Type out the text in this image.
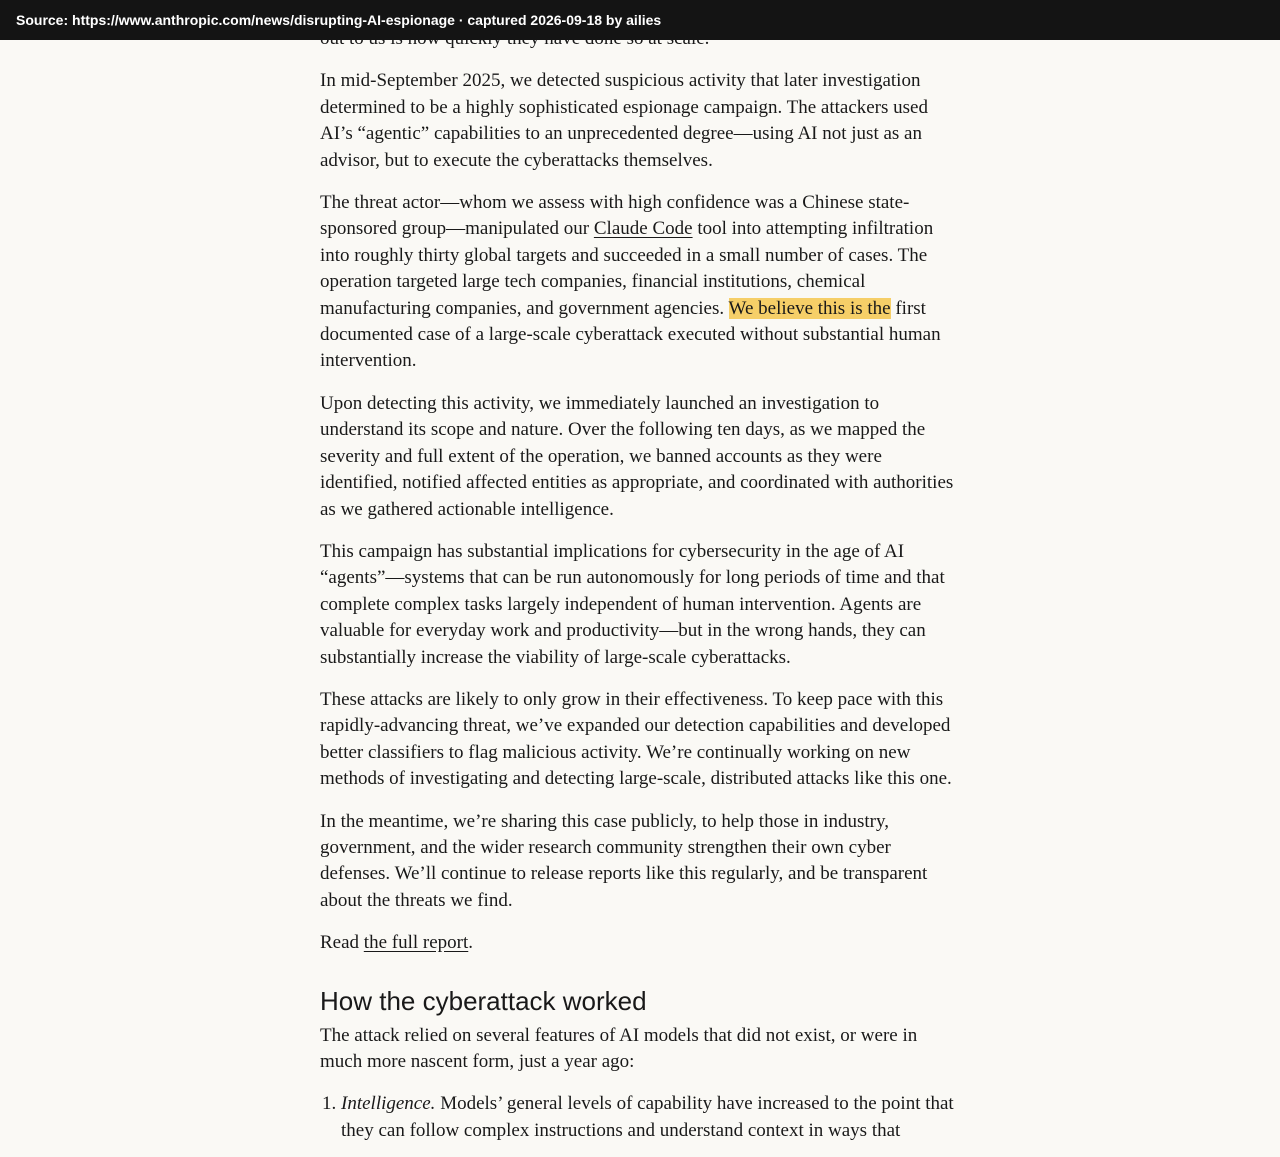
Source: https://www.anthropic.com/news/disrupting-AI-espionage · captured 2026-09-18 by ailies

In mid-September 2025, we detected suspicious activity that later investigation determined to be a highly sophisticated espionage campaign. The attackers used AI’s “agentic” capabilities to an unprecedented degree—using AI not just as an advisor, but to execute the cyberattacks themselves.

The threat actor—whom we assess with high confidence was a Chinese state-sponsored group—manipulated our Claude Code tool into attempting infiltration into roughly thirty global targets and succeeded in a small number of cases. The operation targeted large tech companies, financial institutions, chemical manufacturing companies, and government agencies. We believe this is the first documented case of a large-scale cyberattack executed without substantial human intervention.

Upon detecting this activity, we immediately launched an investigation to understand its scope and nature. Over the following ten days, as we mapped the severity and full extent of the operation, we banned accounts as they were identified, notified affected entities as appropriate, and coordinated with authorities as we gathered actionable intelligence.

This campaign has substantial implications for cybersecurity in the age of AI “agents”—systems that can be run autonomously for long periods of time and that complete complex tasks largely independent of human intervention. Agents are valuable for everyday work and productivity—but in the wrong hands, they can substantially increase the viability of large-scale cyberattacks.

These attacks are likely to only grow in their effectiveness. To keep pace with this rapidly-advancing threat, we’ve expanded our detection capabilities and developed better classifiers to flag malicious activity. We’re continually working on new methods of investigating and detecting large-scale, distributed attacks like this one.

In the meantime, we’re sharing this case publicly, to help those in industry, government, and the wider research community strengthen their own cyber defenses. We’ll continue to release reports like this regularly, and be transparent about the threats we find.

Read the full report.

How the cyberattack worked

The attack relied on several features of AI models that did not exist, or were in much more nascent form, just a year ago:

1. Intelligence. Models’ general levels of capability have increased to the point that they can follow complex instructions and understand context in ways that
